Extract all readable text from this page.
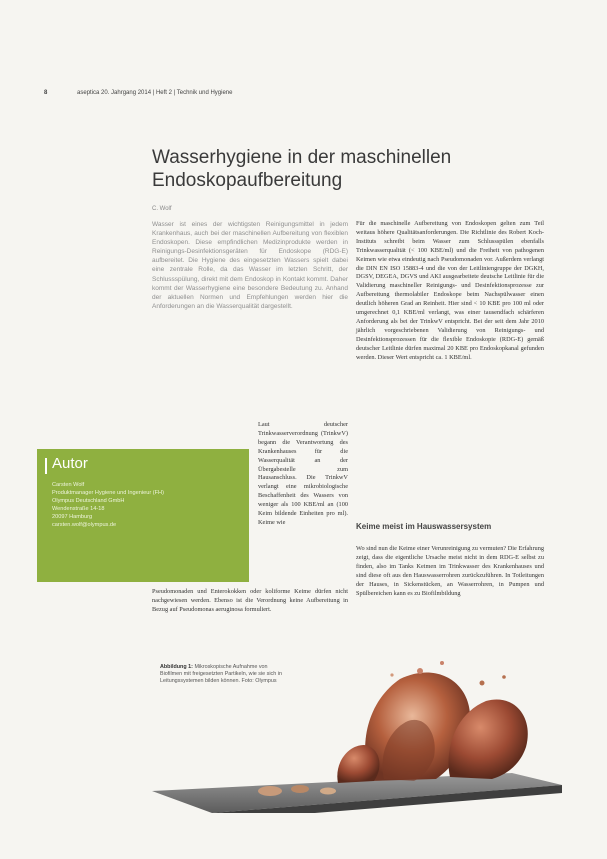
8	aseptica 20. Jahrgang 2014 | Heft 2 | Technik und Hygiene
Wasserhygiene in der maschinellen
Endoskopaufbereitung
C. Wolf

Wasser ist eines der wichtigsten Reinigungsmittel in jedem Krankenhaus, auch bei der maschinellen Aufbereitung von flexiblen Endoskopen. Diese empfindlichen Medizinprodukte werden in Reinigungs-Desinfektionsgeräten für Endoskope (RDG-E) aufbereitet. Die Hygiene des eingesetzten Wassers spielt dabei eine zentrale Rolle, da das Wasser im letzten Schritt, der Schlussspülung, direkt mit dem Endoskop in Kontakt kommt. Daher kommt der Wasserhygiene eine besondere Bedeutung zu. Anhand der aktuellen Normen und Empfehlungen werden hier die Anforderungen an die Wasserqualität dargestellt.

Für die maschinelle Aufbereitung von Endoskopen gelten zum Teil weitaus höhere Qualitätsanforderungen. Die Richtlinie des Robert Koch-Instituts schreibt beim Wasser zum Schlussspülen ebenfalls Trinkwasserqualität (< 100 KBE/ml) und die Freiheit von pathogenen Keimen wie etwa eindeutig nach Pseudomonaden vor. Außerdem verlangt die DIN EN ISO 15883-4 und die von der Leitliniengruppe der DGKH, DGSV, DEGEA, DGVS und AKI ausgearbeitete deutsche Leitlinie für die Validierung maschineller Reinigungs- und Desinfektionsprozesse zur Aufbereitung thermolabiler Endoskope beim Nachspülwasser einen deutlich höheren Grad an Reinheit. Hier sind < 10 KBE pro 100 ml oder umgerechnet 0,1 KBE/ml verlangt, was einer tausendfach schärferen Anforderung als bei der TrinkwV entspricht. Bei der seit dem Jahr 2010 jährlich vorgeschriebenen Validierung von Reinigungs- und Desinfektionsprozessen für die flexible Endoskopie (RDG-E) gemäß deutscher Leitlinie dürfen maximal 20 KBE pro Endoskopkanal gefunden werden. Dieser Wert entspricht ca. 1 KBE/ml.

Autor
Carsten Wolf
Produktmanager Hygiene und Ingenieur (FH)
Olympus Deutschland GmbH
Wendenstraße 14-18
20097 Hamburg
carsten.wolf@olympus.de

Laut deutscher Trinkwasserverordnung (TrinkwV) begann die Verantwortung des Krankenhauses für die Wasserqualität an der Übergabestelle zum Hausanschluss. Die TrinkwV verlangt eine mikrobiologische Beschaffenheit des Wassers von weniger als 100 KBE/ml an (100 Keim bildende Einheiten pro ml). Keime wie

Pseudomonaden und Enterokokken oder koliforme Keime dürfen nicht nachgewiesen werden. Ebenso ist die Verordnung keine Aufbereitung in Bezug auf Pseudomonas aeruginosa formuliert.

Keime meist im Hauswassersystem

Wo sind nun die Keime einer Verunreinigung zu vermuten? Die Erfahrung zeigt, dass die eigentliche Ursache meist nicht in dem RDG-E selbst zu finden, also im Tanks Keimen im Trinkwasser des Krankenhauses und sind diese oft aus den Hauswasserrohren zurückzuführen. In Totleitungen der Hauses, in Sickenstücken, an Wasserrohren, in Pumpen und Spülbereichen kann es zu Biofilmbildung

Abbildung 1: Mikroskopische Aufnahme von Biofilmen mit freigesetzten Partikeln, wie sie sich in Leitungssystemen bilden können. Foto: Olympus
